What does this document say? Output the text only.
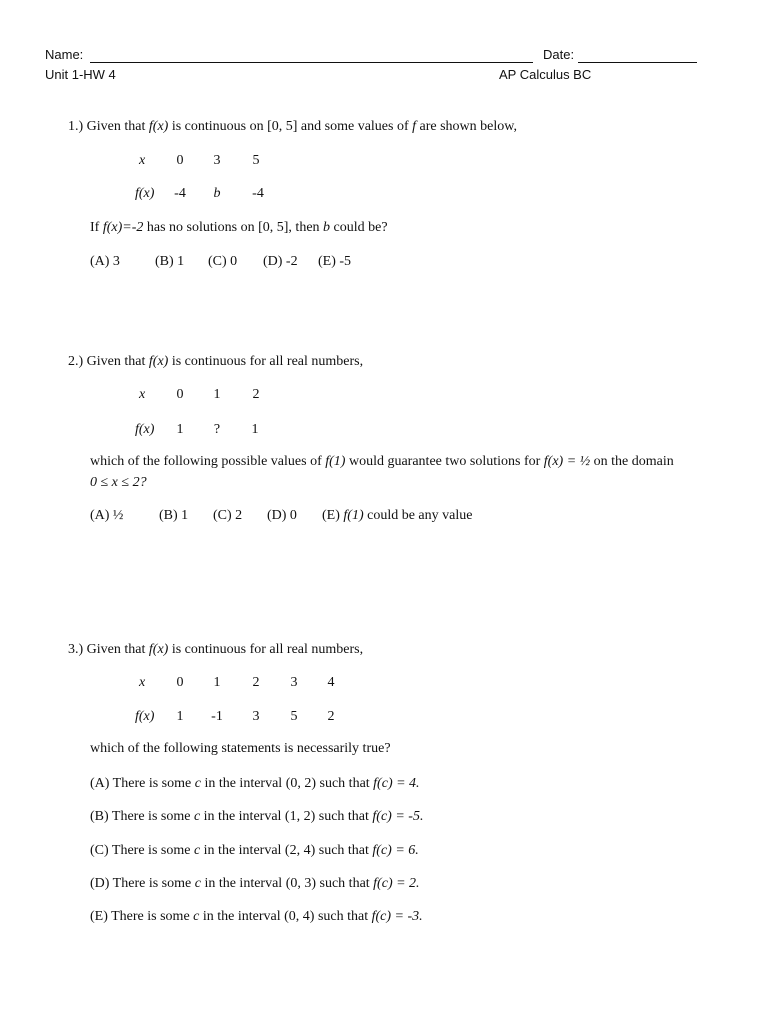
Name:	Date:
Unit 1-HW 4	AP Calculus BC
1.) Given that f(x) is continuous on [0, 5] and some values of f are shown below,
x	0	3	5
f(x)	-4	b	-4
If f(x)=-2 has no solutions on [0, 5], then b could be?
(A) 3	(B) 1 (C) 0 (D) -2 (E) -5
2.) Given that f(x) is continuous for all real numbers,
x	0	1	2
f(x)	1	?	1
which of the following possible values of f(1) would guarantee two solutions for f(x) = ½ on the domain
0 ≤ x ≤ 2?
(A) ½	(B) 1 (C) 2 (D) 0 (E) f(1) could be any value
3.) Given that f(x) is continuous for all real numbers,
x	0	1	2	3	4
f(x)	1	-1	3	5	2
which of the following statements is necessarily true?
(A) There is some c in the interval (0, 2) such that f(c) = 4.
(B) There is some c in the interval (1, 2) such that f(c) = -5.
(C) There is some c in the interval (2, 4) such that f(c) = 6.
(D) There is some c in the interval (0, 3) such that f(c) = 2.
(E) There is some c in the interval (0, 4) such that f(c) = -3.
